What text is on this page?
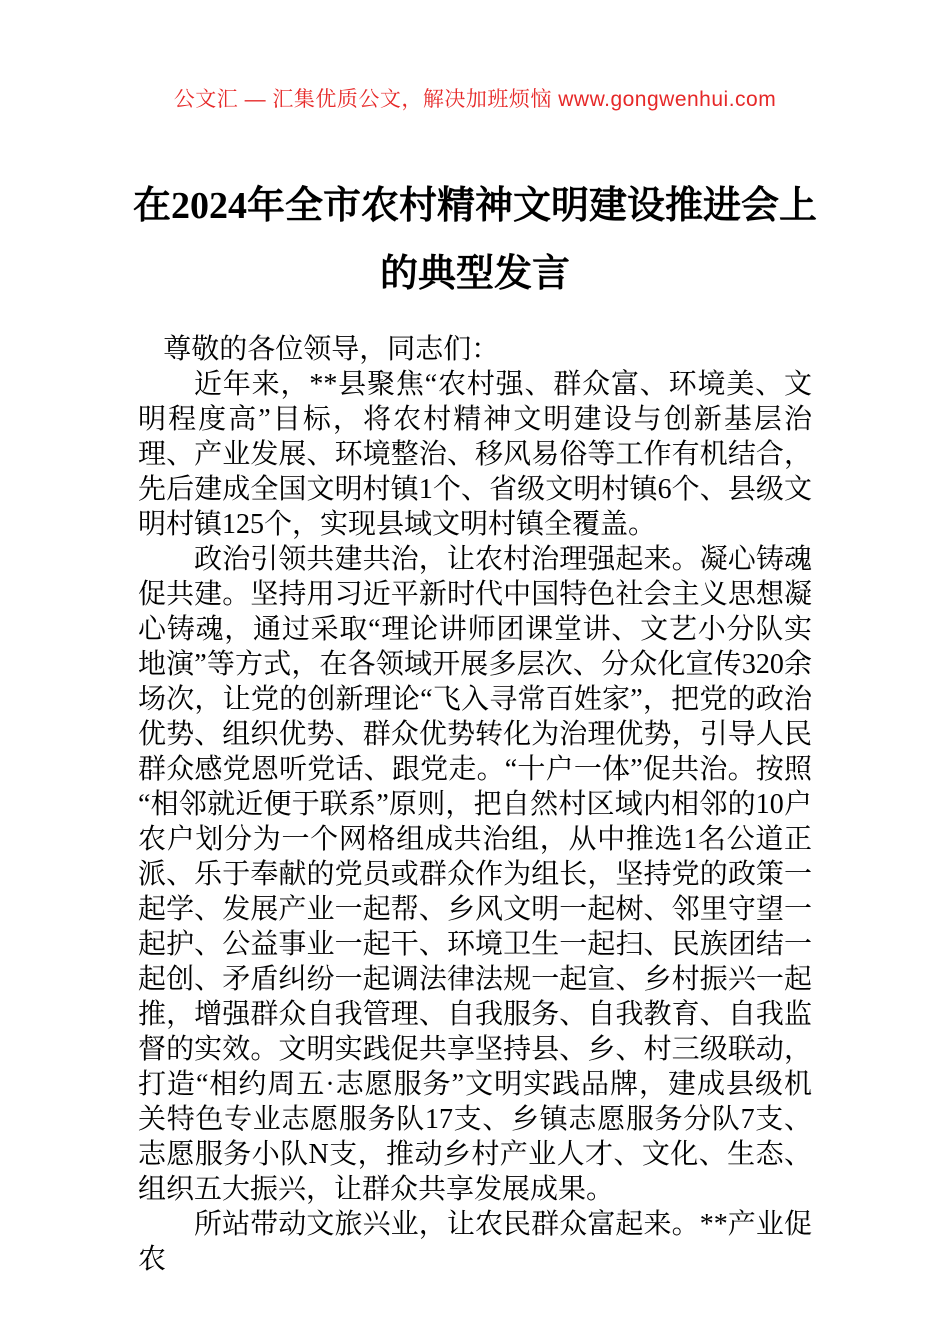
公文汇 — 汇集优质公文，解决加班烦恼 www.gongwenhui.com
在2024年全市农村精神文明建设推进会上
的典型发言

尊敬的各位领导，同志们：

近年来，**县聚焦“农村强、群众富、环境美、文明程度高”目标，将农村精神文明建设与创新基层治理、产业发展、环境整治、移风易俗等工作有机结合，先后建成全国文明村镇1个、省级文明村镇6个、县级文明村镇125个，实现县域文明村镇全覆盖。

政治引领共建共治，让农村治理强起来。凝心铸魂促共建。坚持用习近平新时代中国特色社会主义思想凝心铸魂，通过采取“理论讲师团课堂讲、文艺小分队实地演”等方式，在各领域开展多层次、分众化宣传320余场次，让党的创新理论“飞入寻常百姓家”，把党的政治优势、组织优势、群众优势转化为治理优势，引导人民群众感党恩听党话、跟党走。“十户一体”促共治。按照“相邻就近便于联系”原则，把自然村区域内相邻的10户农户划分为一个网格组成共治组，从中推选1名公道正派、乐于奉献的党员或群众作为组长，坚持党的政策一起学、发展产业一起帮、乡风文明一起树、邻里守望一起护、公益事业一起干、环境卫生一起扫、民族团结一起创、矛盾纠纷一起调法律法规一起宣、乡村振兴一起推，增强群众自我管理、自我服务、自我教育、自我监督的实效。文明实践促共享坚持县、乡、村三级联动，打造“相约周五·志愿服务”文明实践品牌，建成县级机关特色专业志愿服务队17支、乡镇志愿服务分队7支、志愿服务小队N支，推动乡村产业人才、文化、生态、组织五大振兴，让群众共享发展成果。

所站带动文旅兴业，让农民群众富起来。**产业促农
